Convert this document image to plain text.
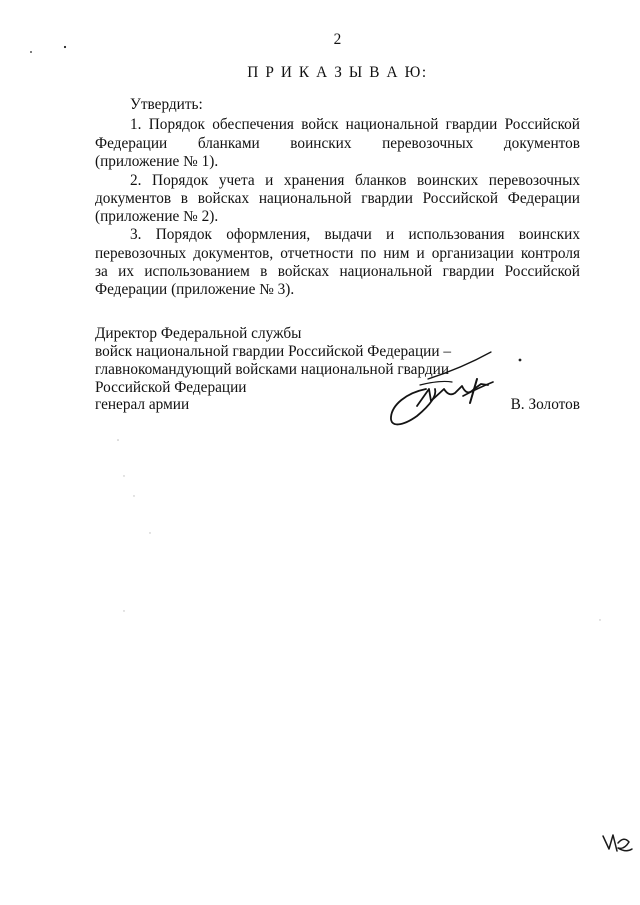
2
П Р И К А З Ы В А Ю:
Утвердить:
1. Порядок обеспечения войск национальной гвардии Российской
Федерации бланками воинских перевозочных документов
(приложение № 1).
2. Порядок учета и хранения бланков воинских перевозочных
документов в войсках национальной гвардии Российской Федерации
(приложение № 2).
3. Порядок оформления, выдачи и использования воинских
перевозочных документов, отчетности по ним и организации контроля
за их использованием в войсках национальной гвардии Российской
Федерации (приложение № 3).
Директор Федеральной службы
войск национальной гвардии Российской Федерации –
главнокомандующий войсками национальной гвардии
Российской Федерации
генерал армии	В. Золотов
